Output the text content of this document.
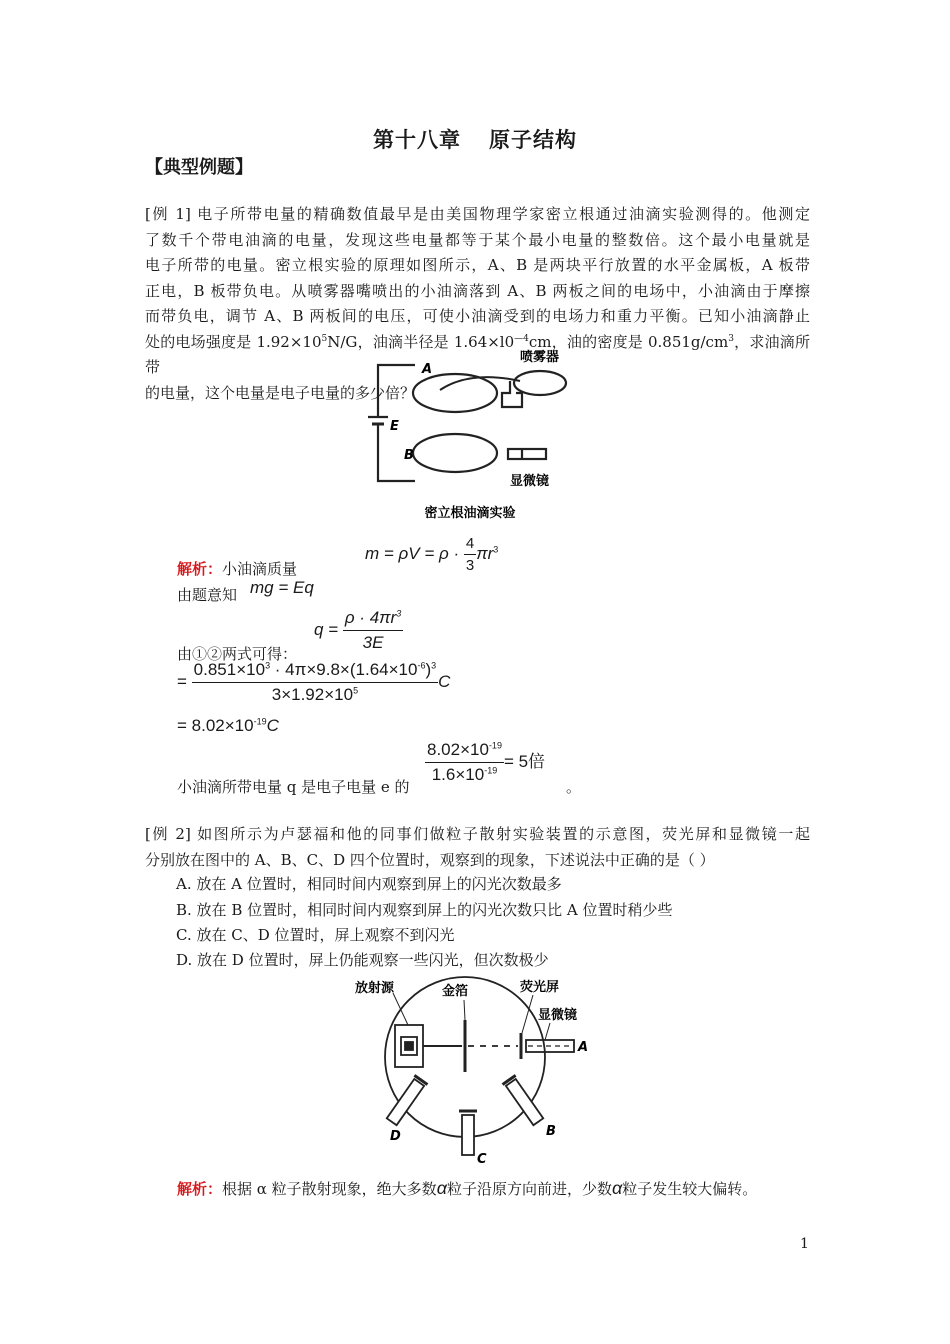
第十八章 原子结构
【典型例题】

[例 1] 电子所带电量的精确数值最早是由美国物理学家密立根通过油滴实验测得的。他测定

了数千个带电油滴的电量，发现这些电量都等于某个最小电量的整数倍。这个最小电量就是

电子所带的电量。密立根实验的原理如图所示，A、B 是两块平行放置的水平金属板，A 板带

正电，B 板带负电。从喷雾器嘴喷出的小油滴落到 A、B 两板之间的电场中，小油滴由于摩擦

而带负电，调节 A、B 两板间的电压，可使小油滴受到的电场力和重力平衡。已知小油滴静止

处的电场强度是 $1.92\times 10^5N/G$，油滴半径是 $1.64\times l0^{—4}cm$，油的密度是 $0.851g/cm^3$，求油滴所带

的电量，这个电量是电子电量的多少倍？

A
B
E
喷雾器
显微镜
密立根油滴实验
$m = \rho V = \rho \cdot \frac{4}{3} \pi r^3$
解析：小油滴质量
由题意知 mg = Eq
由①②两式可得：
$q = \frac{\rho \cdot 4\pi r^3}{3E}$
= $\frac{0.851\times 10^3 \cdot 4\pi\times 9.8\times(1.64\times 10^{-6})^3}{3\times 1.92\times 10^5}$ C
= $8.02\times 10^{-19}C$
$\frac{8.02\times 10^{-19}}{1.6\times 10^{-19}} = 5$倍
小油滴所带电量 q 是电子电量 e 的	。

[例 2] 如图所示为卢瑟福和他的同事们做粒子散射实验装置的示意图，荧光屏和显微镜一起

分别放在图中的 A、B、C、D 四个位置时，观察到的现象，下述说法中正确的是（ ）

A. 放在 A 位置时，相同时间内观察到屏上的闪光次数最多
B. 放在 B 位置时，相同时间内观察到屏上的闪光次数只比 A 位置时稍少些
C. 放在 C、D 位置时，屏上观察不到闪光
D. 放在 D 位置时，屏上仍能观察一些闪光，但次数极少
放射源	金箔	荧光屏
显微镜
A
B
C
D
解析：根据 α 粒子散射现象，绝大多数α粒子沿原方向前进，少数α粒子发生较大偏转。
1
